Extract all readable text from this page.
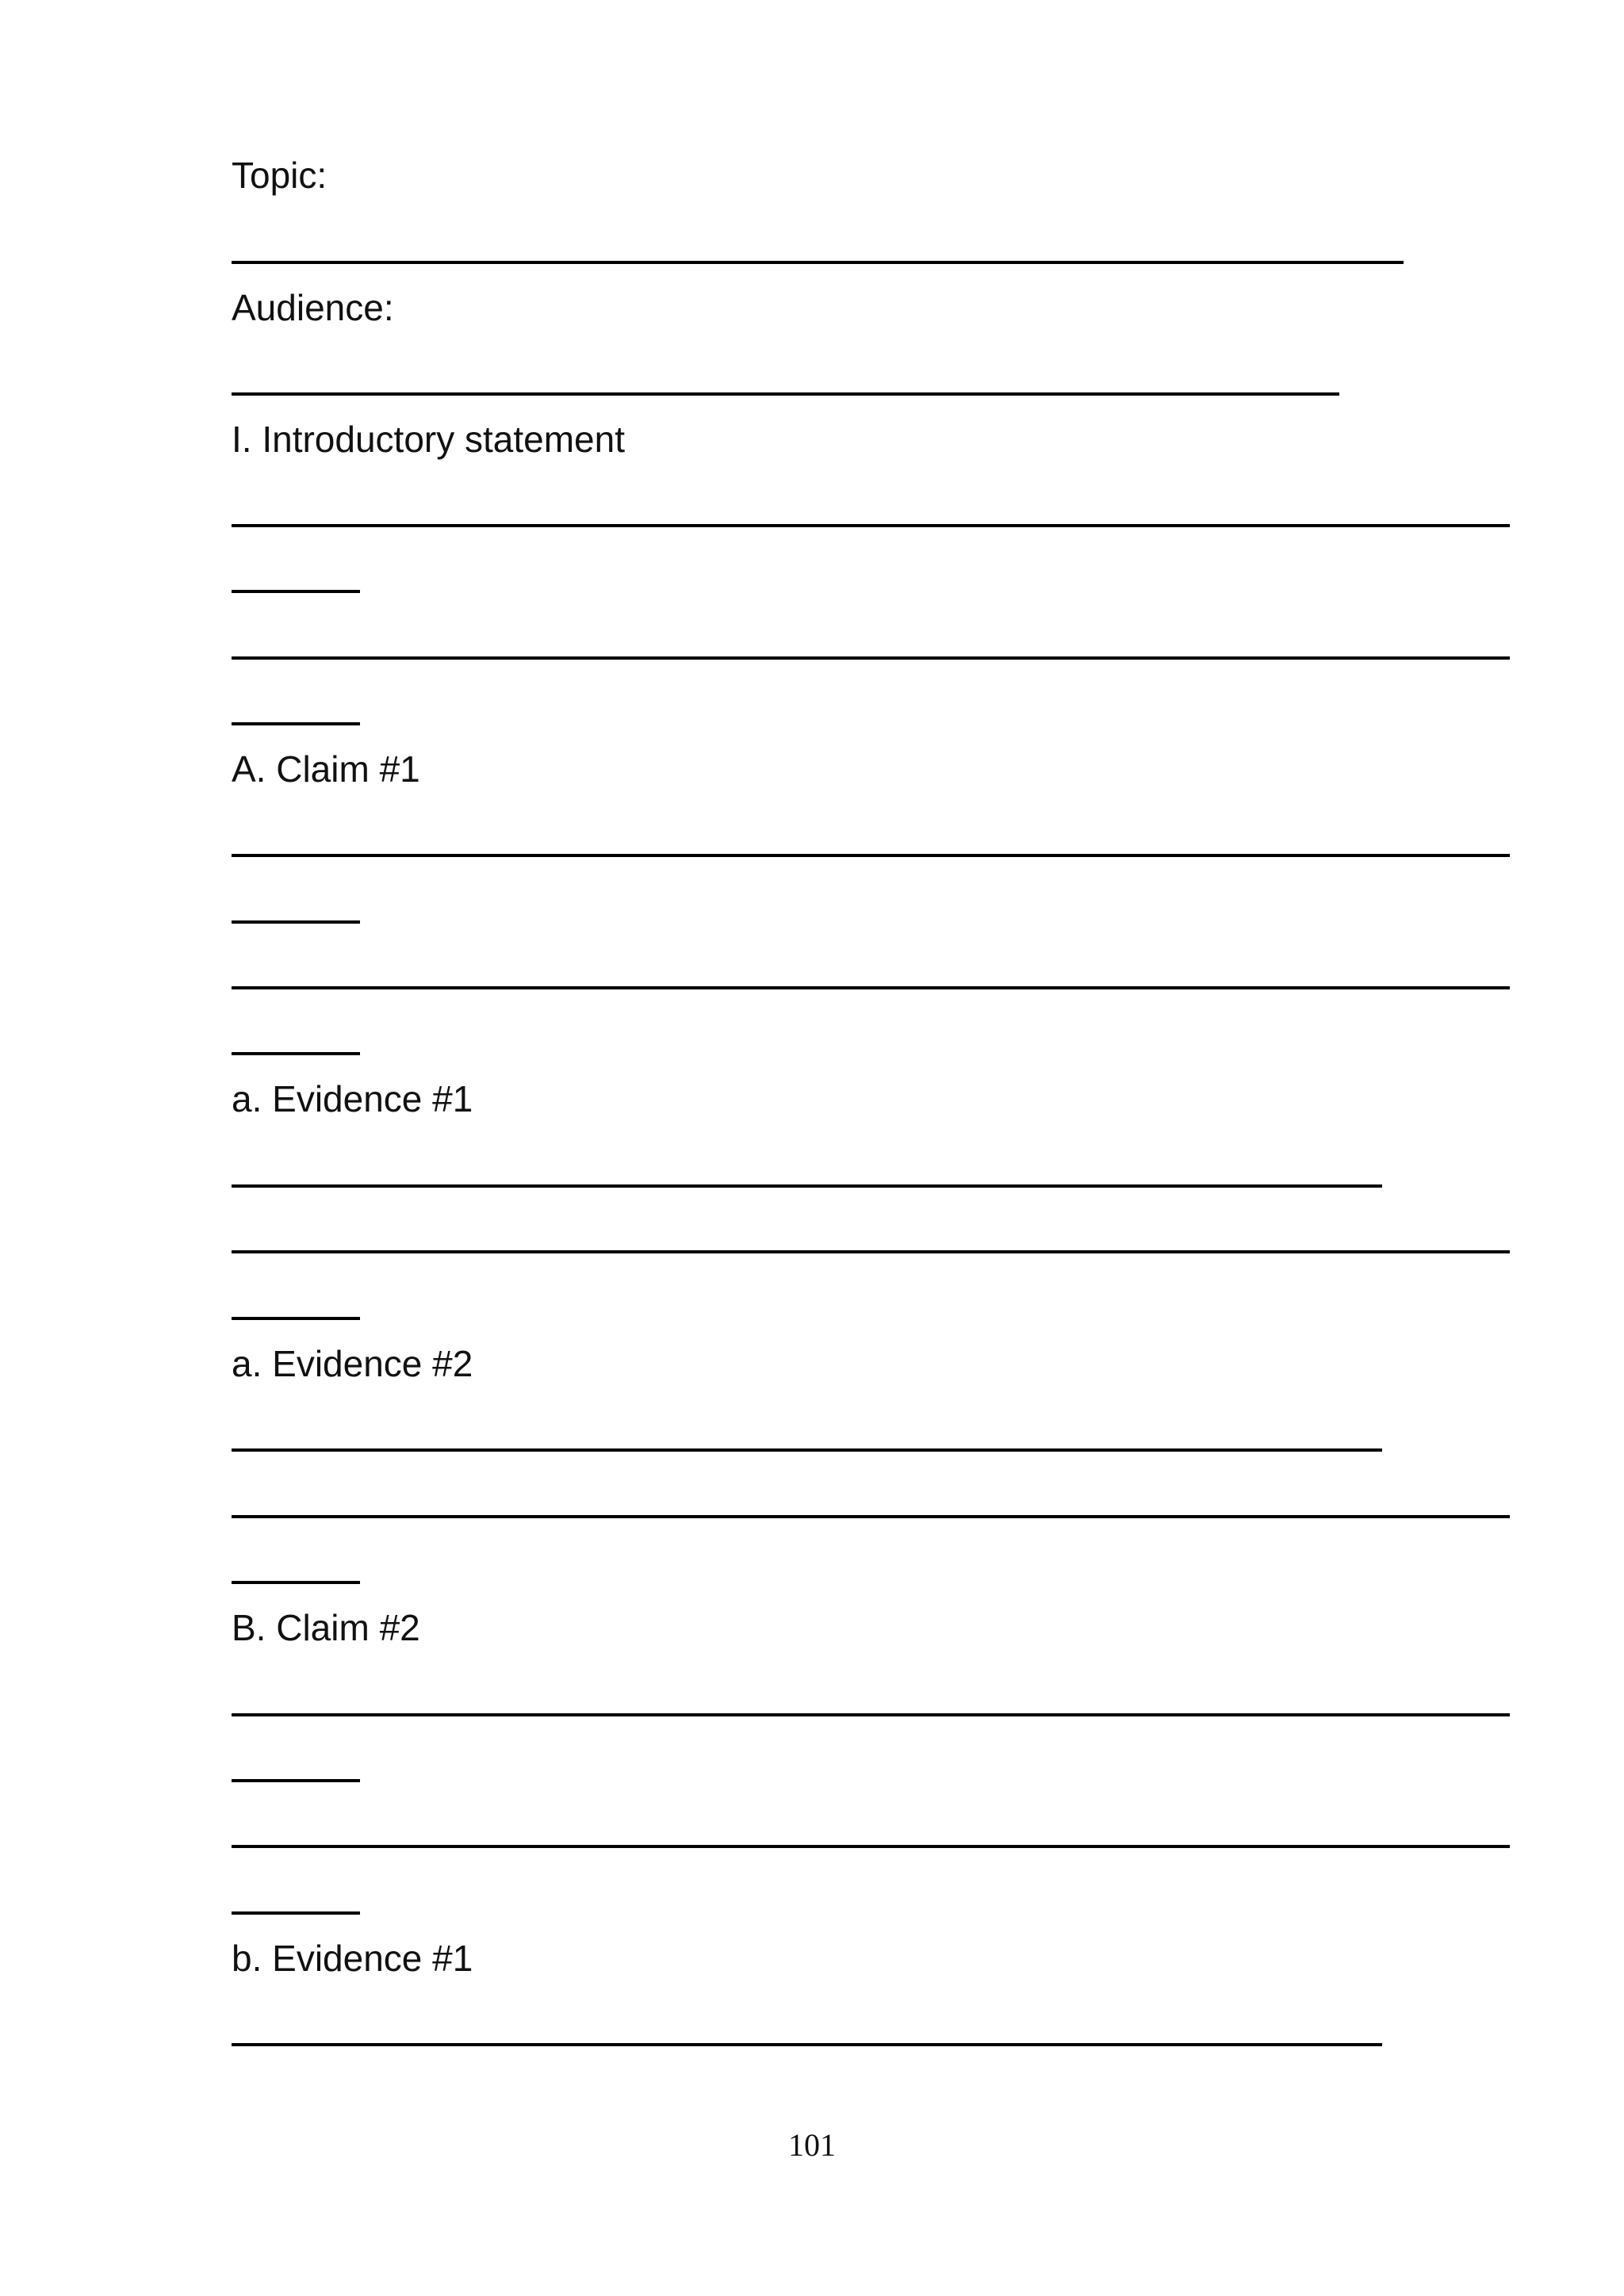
Topic:
Audience:
I. Introductory statement
A. Claim #1
a. Evidence #1
a. Evidence #2
B. Claim #2
b. Evidence #1
101
